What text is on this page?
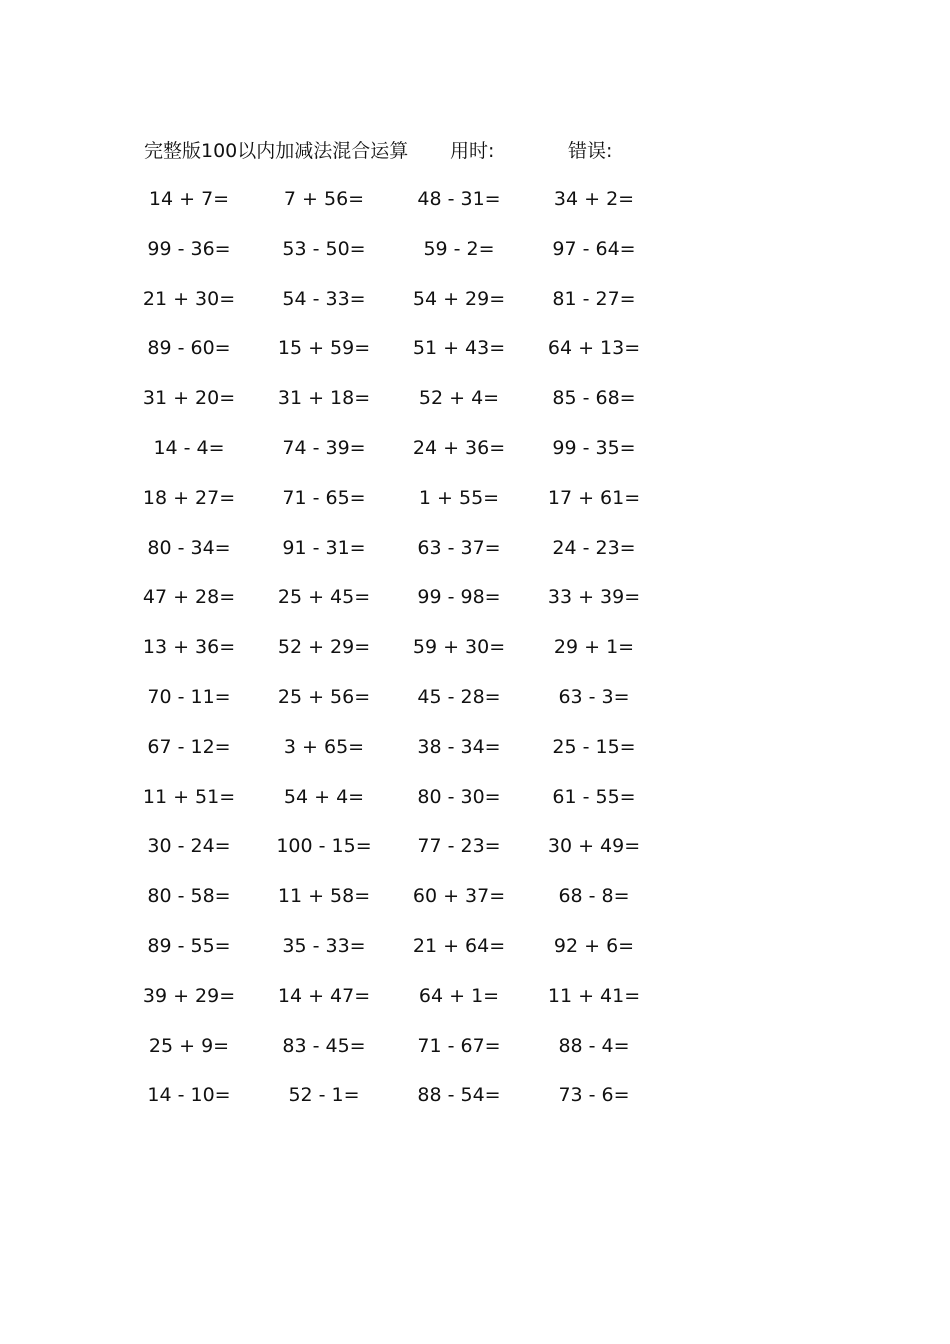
完整版100以内加减法混合运算 用时:	错误:
14 + 7=	7 + 56=	48 - 31=	34 + 2=
99 - 36=	53 - 50=	59 - 2=	97 - 64=
21 + 30=	54 - 33=	54 + 29=	81 - 27=
89 - 60=	15 + 59=	51 + 43=	64 + 13=
31 + 20=	31 + 18=	52 + 4=	85 - 68=
14 - 4=	74 - 39=	24 + 36=	99 - 35=
18 + 27=	71 - 65=	1 + 55=	17 + 61=
80 - 34=	91 - 31=	63 - 37=	24 - 23=
47 + 28=	25 + 45=	99 - 98=	33 + 39=
13 + 36=	52 + 29=	59 + 30=	29 + 1=
70 - 11=	25 + 56=	45 - 28=	63 - 3=
67 - 12=	3 + 65=	38 - 34=	25 - 15=
11 + 51=	54 + 4=	80 - 30=	61 - 55=
30 - 24=	100 - 15=	77 - 23=	30 + 49=
80 - 58=	11 + 58=	60 + 37=	68 - 8=
89 - 55=	35 - 33=	21 + 64=	92 + 6=
39 + 29=	14 + 47=	64 + 1=	11 + 41=
25 + 9=	83 - 45=	71 - 67=	88 - 4=
14 - 10=	52 - 1=	88 - 54=	73 - 6=
